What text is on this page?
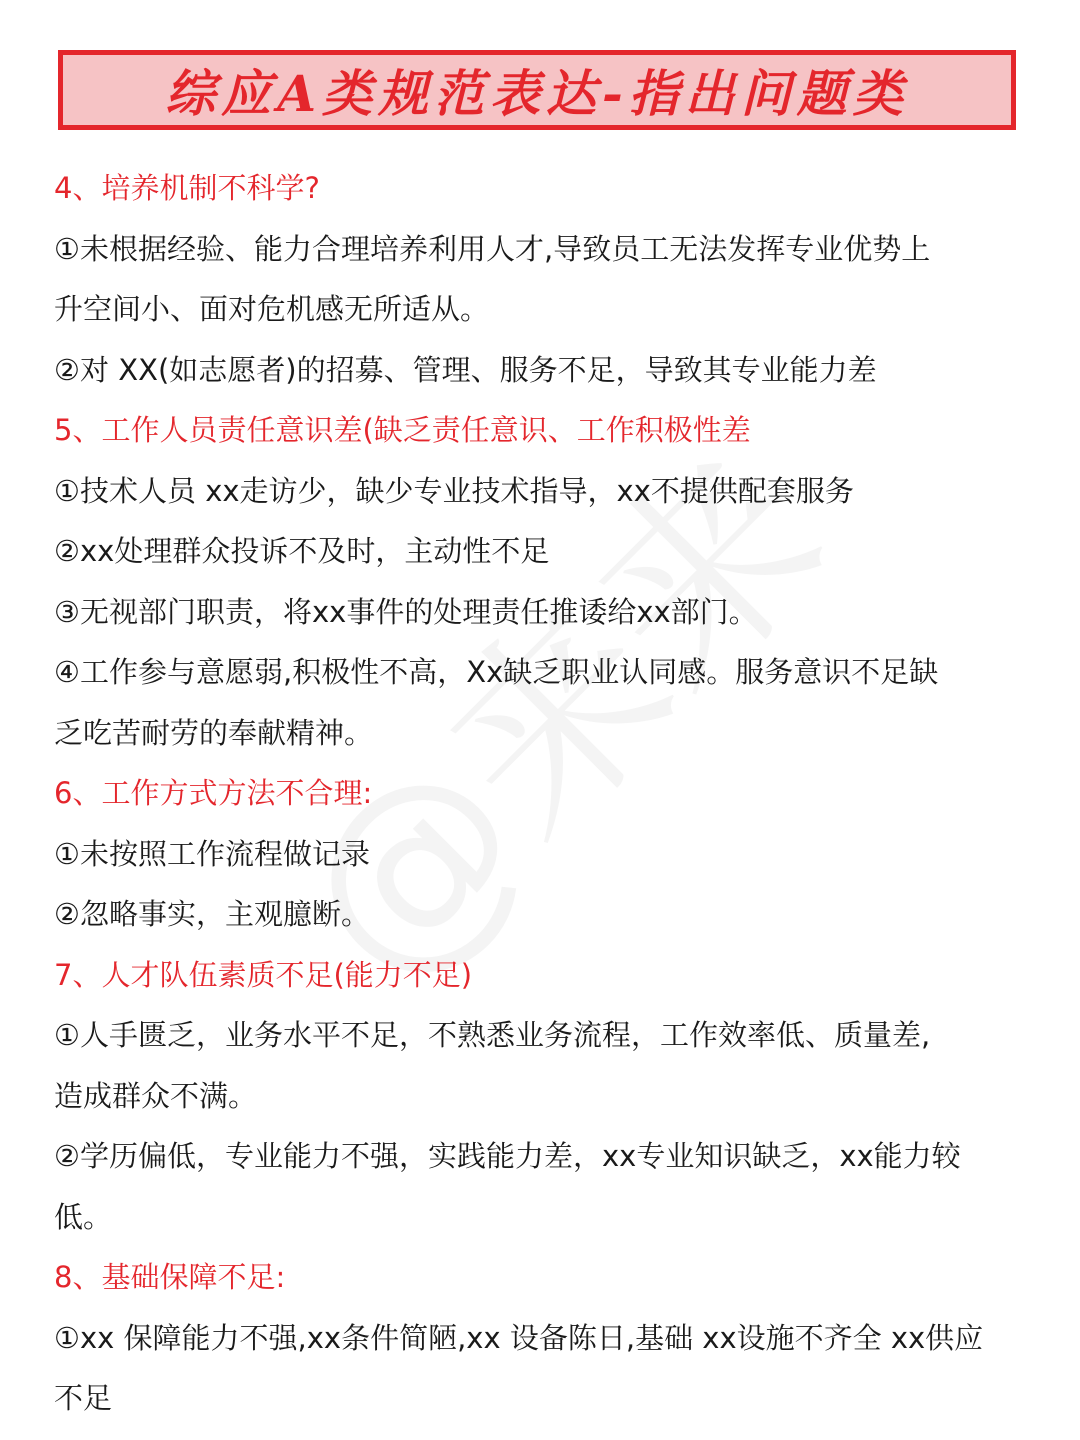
综应A类规范表达-指出问题类

4、培养机制不科学?

①未根据经验、能力合理培养利用人才,导致员工无法发挥专业优势上

升空间小、面对危机感无所适从。

②对 XX(如志愿者)的招募、管理、服务不足，导致其专业能力差

5、工作人员责任意识差(缺乏责任意识、工作积极性差

①技术人员 xx走访少，缺少专业技术指导，xx不提供配套服务

②xx处理群众投诉不及时，主动性不足

③无视部门职责，将xx事件的处理责任推诿给xx部门。

④工作参与意愿弱,积极性不高，Xx缺乏职业认同感。服务意识不足缺

乏吃苦耐劳的奉献精神。

6、工作方式方法不合理:

①未按照工作流程做记录

②忽略事实，主观臆断。

7、人才队伍素质不足(能力不足)

①人手匮乏，业务水平不足，不熟悉业务流程，工作效率低、质量差,

造成群众不满。

②学历偏低，专业能力不强，实践能力差，xx专业知识缺乏，xx能力较

低。

8、基础保障不足:

①xx 保障能力不强,xx条件简陋,xx 设备陈日,基础 xx设施不齐全 xx供应

不足
